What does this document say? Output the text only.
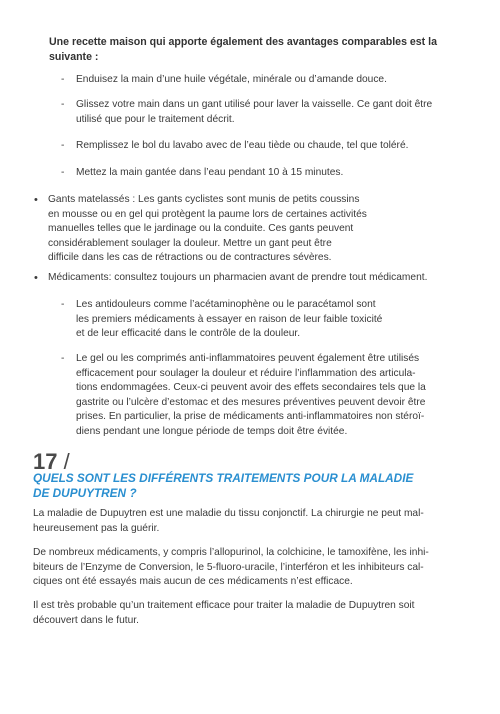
Une recette maison qui apporte également des avantages comparables est la
suivante :
- Enduisez la main d’une huile végétale, minérale ou d’amande douce.
- Glissez votre main dans un gant utilisé pour laver la vaisselle. Ce gant doit être
utilisé que pour le traitement décrit.
- Remplissez le bol du lavabo avec de l’eau tiède ou chaude, tel que toléré.
- Mettez la main gantée dans l’eau pendant 10 à 15 minutes.
• Gants matelassés : Les gants cyclistes sont munis de petits coussins
en mousse ou en gel qui protègent la paume lors de certaines activités
manuelles telles que le jardinage ou la conduite. Ces gants peuvent
considérablement soulager la douleur. Mettre un gant peut être
difficile dans les cas de rétractions ou de contractures sévères.
• Médicaments: consultez toujours un pharmacien avant de prendre tout médicament.
- Les antidouleurs comme l’acétaminophène ou le paracétamol sont
les premiers médicaments à essayer en raison de leur faible toxicité
et de leur efficacité dans le contrôle de la douleur.
- Le gel ou les comprimés anti-inflammatoires peuvent également être utilisés
efficacement pour soulager la douleur et réduire l’inflammation des articula-
tions endommagées. Ceux-ci peuvent avoir des effets secondaires tels que la
gastrite ou l’ulcère d’estomac et des mesures préventives peuvent devoir être
prises. En particulier, la prise de médicaments anti-inflammatoires non stéroï-
diens pendant une longue période de temps doit être évitée.
17 /
QUELS SONT LES DIFFÉRENTS TRAITEMENTS POUR LA MALADIE
DE DUPUYTREN ?
La maladie de Dupuytren est une maladie du tissu conjonctif. La chirurgie ne peut mal-
heureusement pas la guérir.
De nombreux médicaments, y compris l’allopurinol, la colchicine, le tamoxifène, les inhi-
biteurs de l’Enzyme de Conversion, le 5-fluoro-uracile, l’interféron et les inhibiteurs cal-
ciques ont été essayés mais aucun de ces médicaments n’est efficace.
Il est très probable qu’un traitement efficace pour traiter la maladie de Dupuytren soit
découvert dans le futur.
